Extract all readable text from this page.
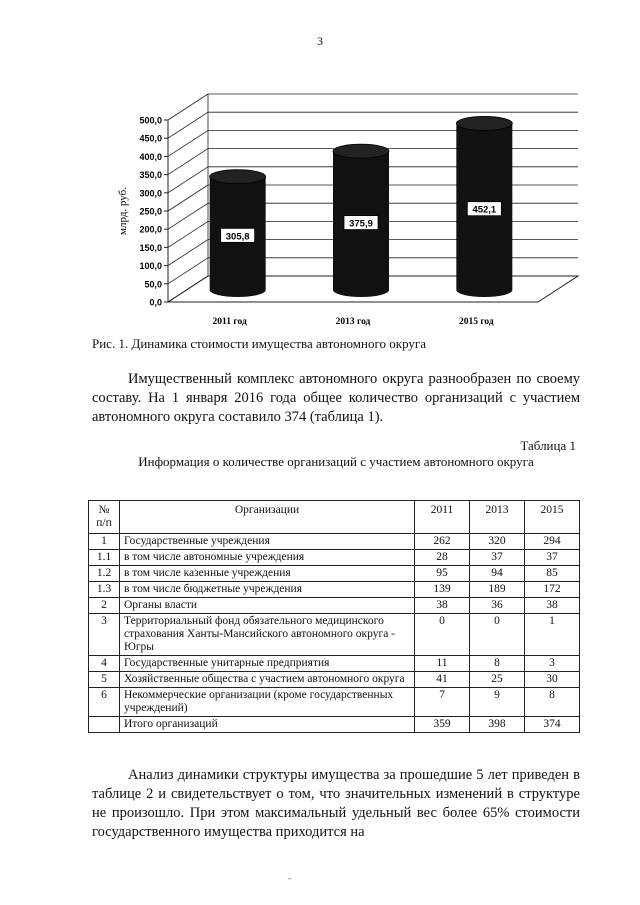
3
0,0
50,0
100,0
150,0
200,0
250,0
300,0
350,0
400,0
450,0
500,0
млрд. руб.
305,8
2011 год
375,9
2013 год
452,1
2015 год
Рис. 1. Динамика стоимости имущества автономного округа
Имущественный комплекс автономного округа разнообразен по своему составу. На 1 января 2016 года общее количество организаций с участием автономного округа составило 374 (таблица 1).
Таблица 1
Информация о количестве организаций с участием автономного округа
№ п/п	Организации	2011	2013	2015
1	Государственные учреждения	262	320	294
1.1	в том числе автономные учреждения	28	37	37
1.2	в том числе казенные учреждения	95	94	85
1.3	в том числе бюджетные учреждения	139	189	172
2	Органы власти	38	36	38
3	Территориальный фонд обязательного медицинского страхования Ханты-Мансийского автономного округа - Югры	0	0	1
4	Государственные унитарные предприятия	11	8	3
5	Хозяйственные общества с участием автономного округа	41	25	30
6	Некоммерческие организации (кроме государственных учреждений)	7	9	8
	Итого организаций	359	398	374
Анализ динамики структуры имущества за прошедшие 5 лет приведен в таблице 2 и свидетельствует о том, что значительных изменений в структуре не произошло. При этом максимальный удельный вес более 65% стоимости государственного имущества приходится на
-
